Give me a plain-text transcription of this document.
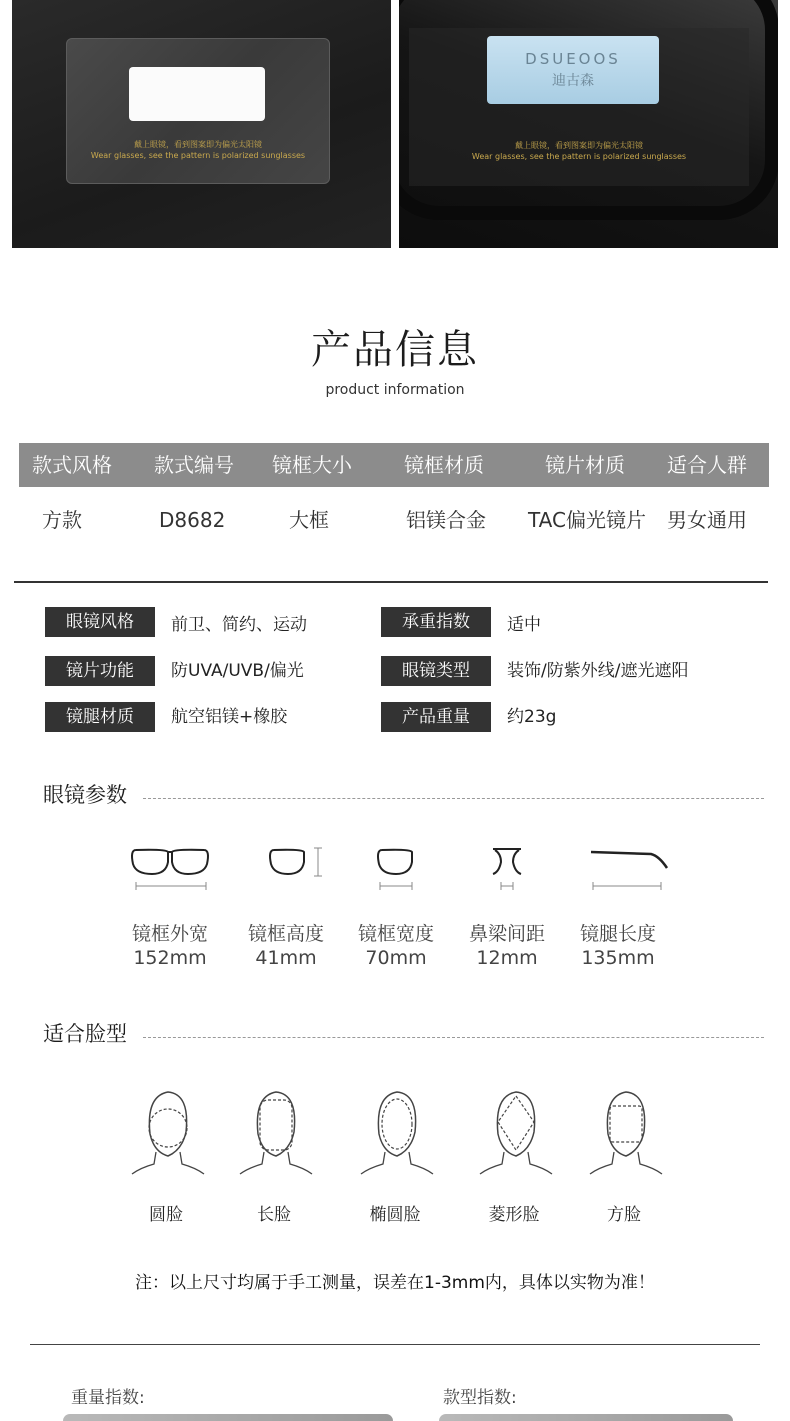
戴上眼镜，看到图案即为偏光太阳镜
Wear glasses, see the pattern is polarized sunglasses
DSUEOOS
迪古森
戴上眼镜，看到图案即为偏光太阳镜
Wear glasses, see the pattern is polarized sunglasses
产品信息
product information
款式风格 款式编号 镜框大小	镜框材质	镜片材质 适合人群
方款	D8682	大框	铝镁合金 TAC偏光镜片 男女通用
眼镜风格	前卫、简约、运动	承重指数	适中
镜片功能	防UVA/UVB/偏光	眼镜类型	装饰/防紫外线/遮光遮阳
镜腿材质	航空铝镁+橡胶	产品重量	约23g
眼镜参数
镜框外宽
152mm
镜框高度
41mm
镜框宽度
70mm
鼻梁间距
12mm
镜腿长度
135mm
适合脸型
圆脸	长脸	椭圆脸	菱形脸	方脸
注：以上尺寸均属于手工测量，误差在1-3mm内，具体以实物为准！
重量指数:	款型指数:
